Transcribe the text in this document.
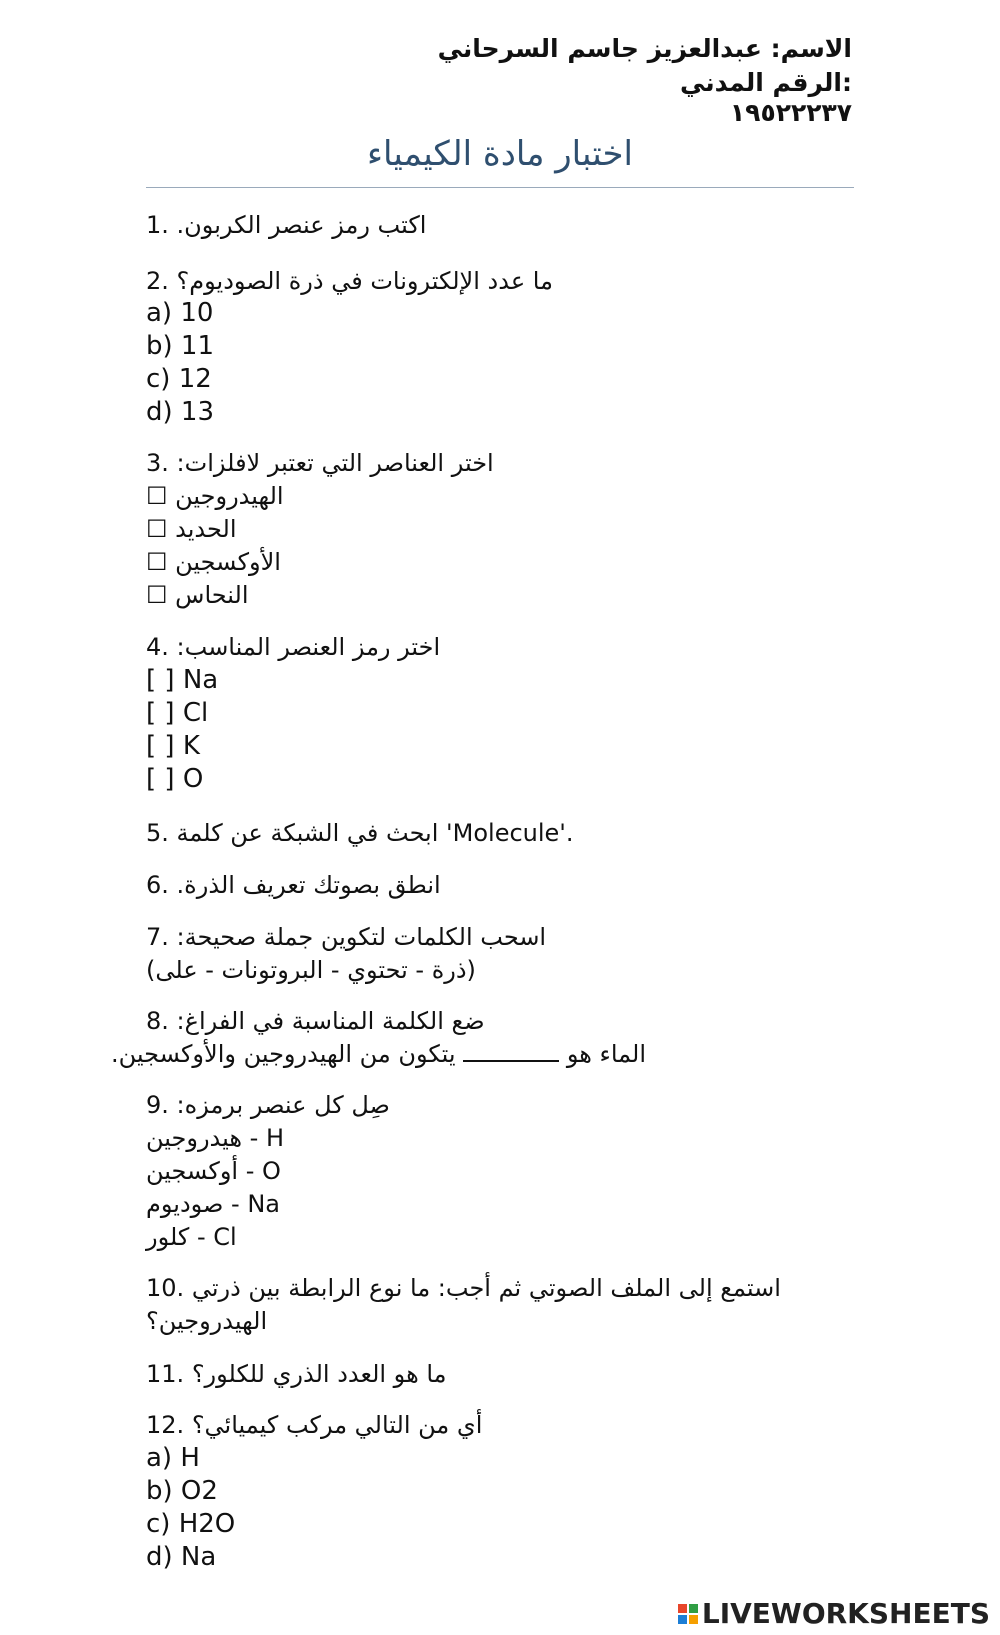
الاسم: عبدالعزيز جاسم السرحاني
:الرقم المدني
١٩٥٢٢٢٣٧
اختبار مادة الكيمياء
1. اكتب رمز عنصر الكربون.
2. ما عدد الإلكترونات في ذرة الصوديوم؟
a) 10
b) 11
c) 12
d) 13
3. اختر العناصر التي تعتبر لافلزات:
☐ الهيدروجين
☐ الحديد
☐ الأوكسجين
☐ النحاس
4. اختر رمز العنصر المناسب:
[ ] Na
[ ] Cl
[ ] K
[ ] O
5. ابحث في الشبكة عن كلمة 'Molecule'.
6. انطق بصوتك تعريف الذرة.
7. اسحب الكلمات لتكوين جملة صحيحة:
(ذرة - تحتوي - البروتونات - على)
8. ضع الكلمة المناسبة في الفراغ:
الماء هو  يتكون من الهيدروجين والأوكسجين.
9. صِل كل عنصر برمزه:
هيدروجين - H
أوكسجين - O
صوديوم - Na
كلور - Cl
10. استمع إلى الملف الصوتي ثم أجب: ما نوع الرابطة بين ذرتي
الهيدروجين؟
11. ما هو العدد الذري للكلور؟
12. أي من التالي مركب كيميائي؟
a) H
b) O2
c) H2O
d) Na
LIVEWORKSHEETS
